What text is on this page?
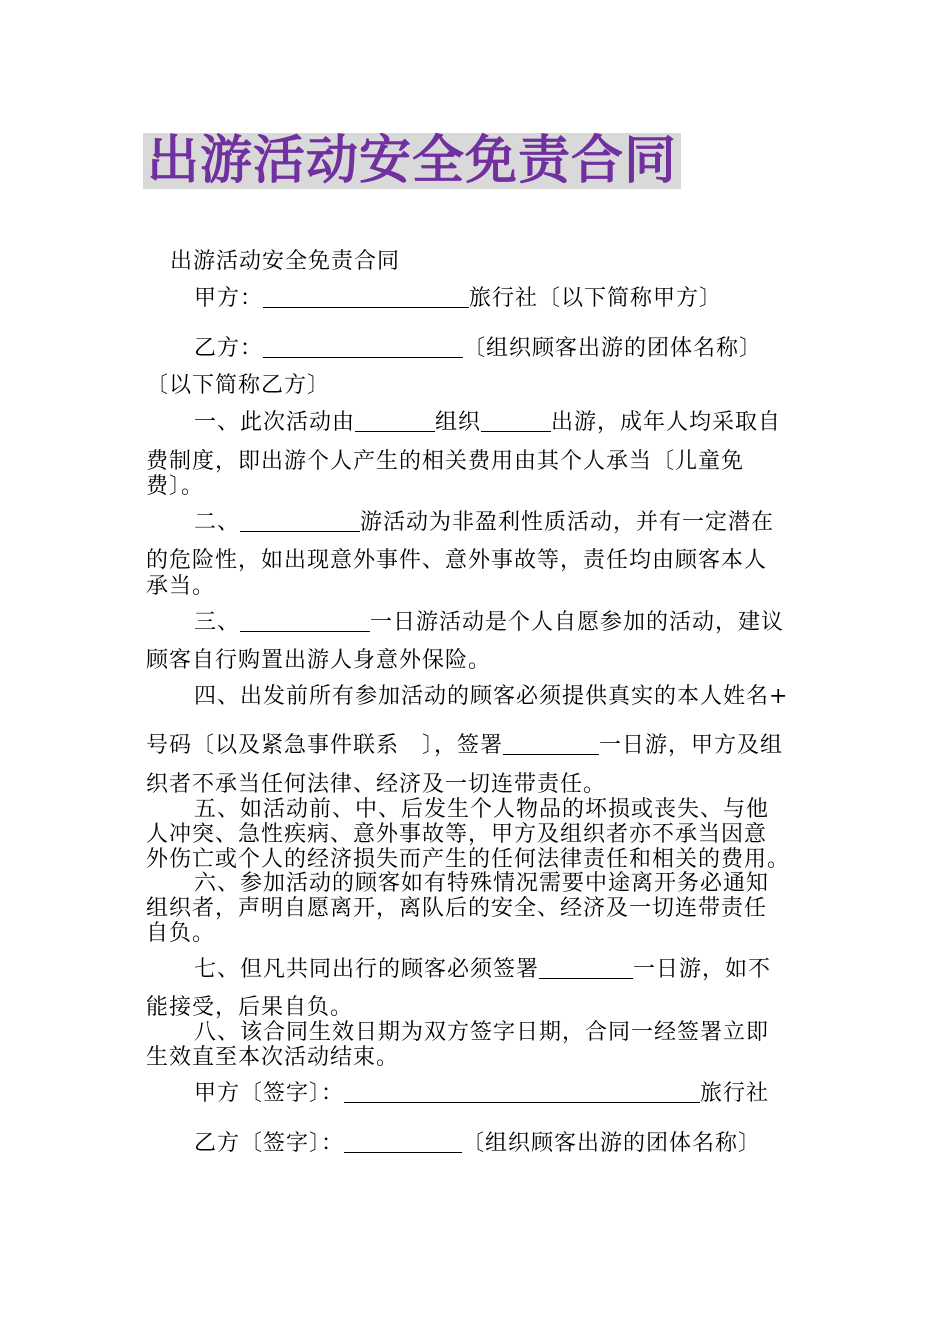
出游活动安全免责合同

出游活动安全免责合同

甲方：	旅行社〔以下简称甲方〕

乙方：	〔组织顾客出游的团体名称〕

〔以下简称乙方〕

一、此次活动由	组织	出游，成年人均采取自

费制度，即出游个人产生的相关费用由其个人承当〔儿童免

费〕。

二、	游活动为非盈利性质活动，并有一定潜在

的危险性，如出现意外事件、意外事故等，责任均由顾客本人

承当。

三、	一日游活动是个人自愿参加的活动，建议

顾客自行购置出游人身意外保险。

四、出发前所有参加活动的顾客必须提供真实的本人姓名+

号码〔以及紧急事件联系　〕，签署	一日游，甲方及组

织者不承当任何法律、经济及一切连带责任。

五、如活动前、中、后发生个人物品的坏损或丧失、与他

人冲突、急性疾病、意外事故等，甲方及组织者亦不承当因意

外伤亡或个人的经济损失而产生的任何法律责任和相关的费用。

六、参加活动的顾客如有特殊情况需要中途离开务必通知

组织者，声明自愿离开，离队后的安全、经济及一切连带责任

自负。

七、但凡共同出行的顾客必须签署	一日游，如不

能接受，后果自负。

八、该合同生效日期为双方签字日期，合同一经签署立即

生效直至本次活动结束。

甲方〔签字〕：	旅行社

乙方〔签字〕：	〔组织顾客出游的团体名称〕
